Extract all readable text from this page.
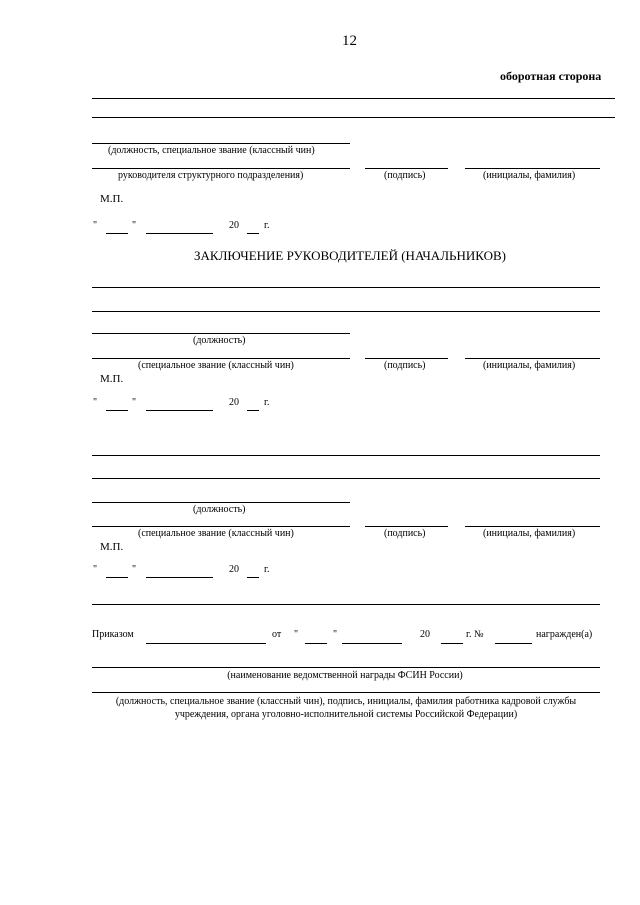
12
оборотная сторона
(должность, специальное звание (классный чин)
руководителя структурного подразделения)	(подпись)	(инициалы, фамилия)
М.П.
"	"	20	г.
ЗАКЛЮЧЕНИЕ РУКОВОДИТЕЛЕЙ (НАЧАЛЬНИКОВ)
(должность)
(специальное звание (классный чин)	(подпись)	(инициалы, фамилия)
М.П.
"	"	20	г.
(должность)
(специальное звание (классный чин)	(подпись)	(инициалы, фамилия)
М.П.
"	"	20	г.
Приказом	от "	"	20	г. №	награжден(а)
(наименование ведомственной награды ФСИН России)
(должность, специальное звание (классный чин), подпись, инициалы, фамилия работника кадровой службы
учреждения, органа уголовно-исполнительной системы Российской Федерации)
